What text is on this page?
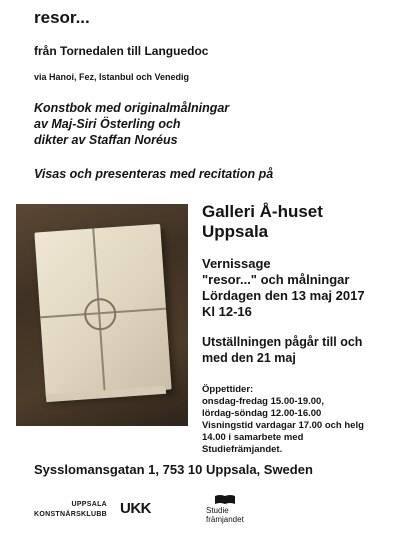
resor...
från Tornedalen till Languedoc
via Hanoi, Fez, Istanbul och Venedig
Konstbok med originalmålningar
av Maj-Siri Österling och
dikter av Staffan Noréus
Visas och presenteras med recitation på
Galleri Å-huset
Uppsala
Vernissage
"resor..." och målningar
Lördagen den 13 maj 2017
Kl 12-16
Utställningen pågår till och
med den 21 maj
Öppettider:
onsdag-fredag 15.00-19.00,
lördag-söndag 12.00-16.00
Visningstid vardagar 17.00 och helg
14.00 i samarbete med
Studiefrämjandet.
Sysslomansgatan 1, 753 10 Uppsala, Sweden
UPPSALA
KONSTNÄRSKLUBB UKK	Studie
främjandet
